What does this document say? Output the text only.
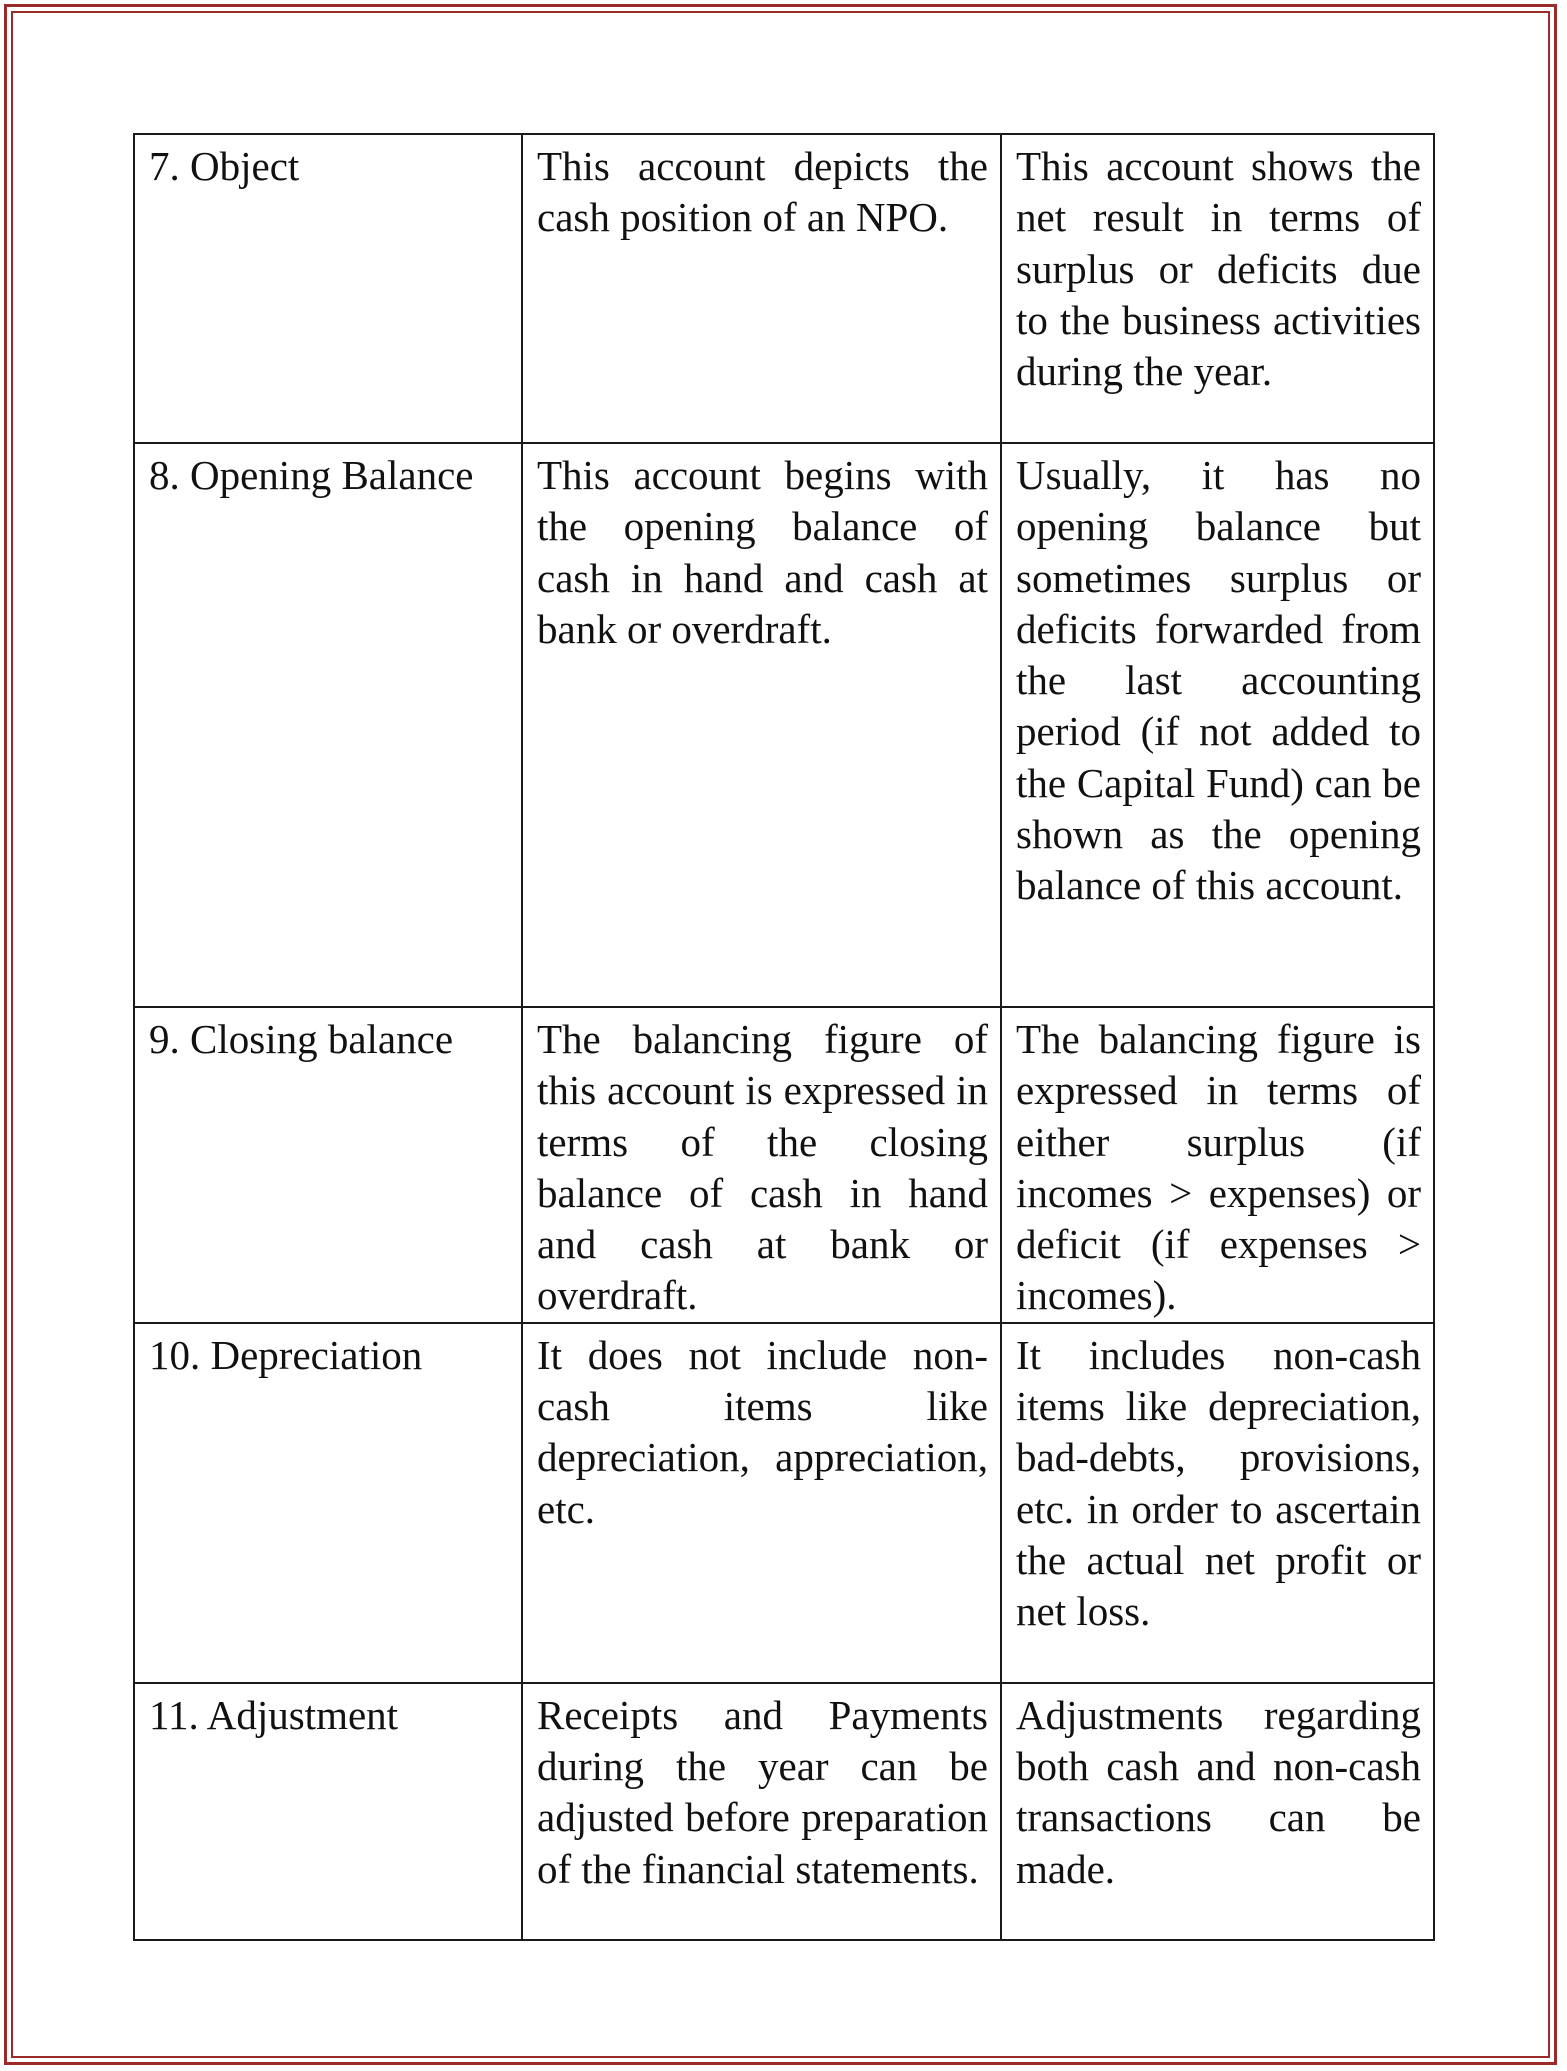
7. Object	This account depicts the cash position of an NPO.	This account shows the net result in terms of surplus or deficits due to the business activities during the year.
8. Opening Balance	This account begins with the opening balance of cash in hand and cash at bank or overdraft.	Usually, it has no opening balance but sometimes surplus or deficits forwarded from the last accounting period (if not added to the Capital Fund) can be shown as the opening balance of this account.
9. Closing balance	The balancing figure of this account is expressed in terms of the closing balance of cash in hand and cash at bank or overdraft.	The balancing figure is expressed in terms of either surplus (if incomes > expenses) or deficit (if expenses > incomes).
10. Depreciation	It does not include non-cash items like depreciation, appreciation, etc.	It includes non-cash items like depreciation, bad-debts, provisions, etc. in order to ascertain the actual net profit or net loss.
11. Adjustment	Receipts and Payments during the year can be adjusted before preparation of the financial statements.	Adjustments regarding both cash and non-cash transactions can be made.
